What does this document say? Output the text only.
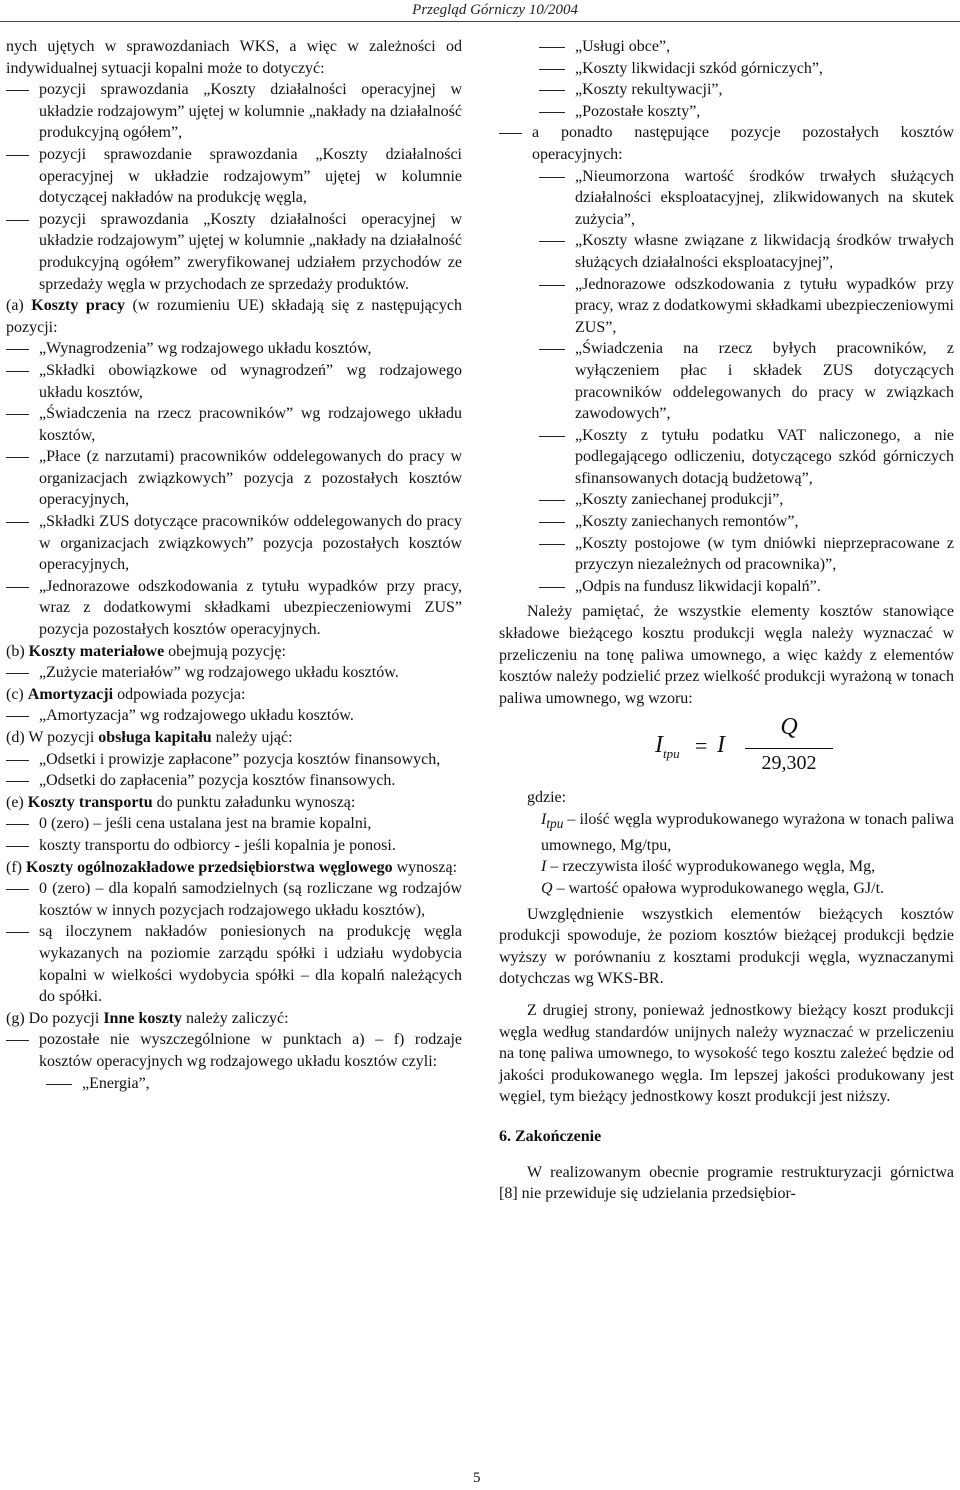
Przegląd Górniczy 10/2004

nych ujętych w sprawozdaniach WKS, a więc w zależności od indywidualnej sytuacji kopalni może to dotyczyć:

pozycji sprawozdania „Koszty działalności operacyjnej w układzie rodzajowym” ujętej w kolumnie „nakłady na działalność produkcyjną ogółem”,

pozycji sprawozdanie sprawozdania „Koszty działalności operacyjnej w układzie rodzajowym” ujętej w kolumnie dotyczącej nakładów na produkcję węgla,

pozycji sprawozdania „Koszty działalności operacyjnej w układzie rodzajowym” ujętej w kolumnie „nakłady na działalność produkcyjną ogółem” zweryfikowanej udziałem przychodów ze sprzedaży węgla w przychodach ze sprzedaży produktów.

(a) Koszty pracy (w rozumieniu UE) składają się z następujących pozycji:

„Wynagrodzenia” wg rodzajowego układu kosztów,

„Składki obowiązkowe od wynagrodzeń” wg rodzajowego układu kosztów,

„Świadczenia na rzecz pracowników” wg rodzajowego układu kosztów,

„Płace (z narzutami) pracowników oddelegowanych do pracy w organizacjach związkowych” pozycja z pozostałych kosztów operacyjnych,

„Składki ZUS dotyczące pracowników oddelegowanych do pracy w organizacjach związkowych” pozycja pozostałych kosztów operacyjnych,

„Jednorazowe odszkodowania z tytułu wypadków przy pracy, wraz z dodatkowymi składkami ubezpieczeniowymi ZUS” pozycja pozostałych kosztów operacyjnych.

(b) Koszty materiałowe obejmują pozycję:

„Zużycie materiałów” wg rodzajowego układu kosztów.

(c) Amortyzacji odpowiada pozycja:

„Amortyzacja” wg rodzajowego układu kosztów.

(d) W pozycji obsługa kapitału należy ująć:

„Odsetki i prowizje zapłacone” pozycja kosztów finansowych,

„Odsetki do zapłacenia” pozycja kosztów finansowych.

(e) Koszty transportu do punktu załadunku wynoszą:

0 (zero) – jeśli cena ustalana jest na bramie kopalni,

koszty transportu do odbiorcy - jeśli kopalnia je ponosi.

(f) Koszty ogólnozakładowe przedsiębiorstwa węglowego wynoszą:

0 (zero) – dla kopalń samodzielnych (są rozliczane wg rodzajów kosztów w innych pozycjach rodzajowego układu kosztów),

są iloczynem nakładów poniesionych na produkcję węgla wykazanych na poziomie zarządu spółki i udziału wydobycia kopalni w wielkości wydobycia spółki – dla kopalń należących do spółki.

(g) Do pozycji Inne koszty należy zaliczyć:

pozostałe nie wyszczególnione w punktach a) – f) rodzaje kosztów operacyjnych wg rodzajowego układu kosztów czyli:

„Energia”,

„Usługi obce”,

„Koszty likwidacji szkód górniczych”,

„Koszty rekultywacji”,

„Pozostałe koszty”,

a ponadto następujące pozycje pozostałych kosztów operacyjnych:

„Nieumorzona wartość środków trwałych służących działalności eksploatacyjnej, zlikwidowanych na skutek zużycia”,

„Koszty własne związane z likwidacją środków trwałych służących działalności eksploatacyjnej”,

„Jednorazowe odszkodowania z tytułu wypadków przy pracy, wraz z dodatkowymi składkami ubezpieczeniowymi ZUS”,

„Świadczenia na rzecz byłych pracowników, z wyłączeniem płac i składek ZUS dotyczących pracowników oddelegowanych do pracy w związkach zawodowych”,

„Koszty z tytułu podatku VAT naliczonego, a nie podlegającego odliczeniu, dotyczącego szkód górniczych sfinansowanych dotacją budżetową”,

„Koszty zaniechanej produkcji”,

„Koszty zaniechanych remontów”,

„Koszty postojowe (w tym dniówki nieprzepracowane z przyczyn niezależnych od pracownika)”,

„Odpis na fundusz likwidacji kopalń”.

Należy pamiętać, że wszystkie elementy kosztów stanowiące składowe bieżącego kosztu produkcji węgla należy wyznaczać w przeliczeniu na tonę paliwa umownego, a więc każdy z elementów kosztów należy podzielić przez wielkość produkcji wyrażoną w tonach paliwa umownego, wg wzoru:

$I_{tpu} = I$
Q
29,302

gdzie:

$I_{tpu}$ – ilość węgla wyprodukowanego wyrażona w tonach paliwa umownego, Mg/tpu,

I – rzeczywista ilość wyprodukowanego węgla, Mg,

Q – wartość opałowa wyprodukowanego węgla, GJ/t.

Uwzględnienie wszystkich elementów bieżących kosztów produkcji spowoduje, że poziom kosztów bieżącej produkcji będzie wyższy w porównaniu z kosztami produkcji węgla, wyznaczanymi dotychczas wg WKS-BR.

Z drugiej strony, ponieważ jednostkowy bieżący koszt produkcji węgla według standardów unijnych należy wyznaczać w przeliczeniu na tonę paliwa umownego, to wysokość tego kosztu zależeć będzie od jakości produkowanego węgla. Im lepszej jakości produkowany jest węgiel, tym bieżący jednostkowy koszt produkcji jest niższy.

6. Zakończenie

W realizowanym obecnie programie restrukturyzacji górnictwa [8] nie przewiduje się udzielania przedsiębior-

5
